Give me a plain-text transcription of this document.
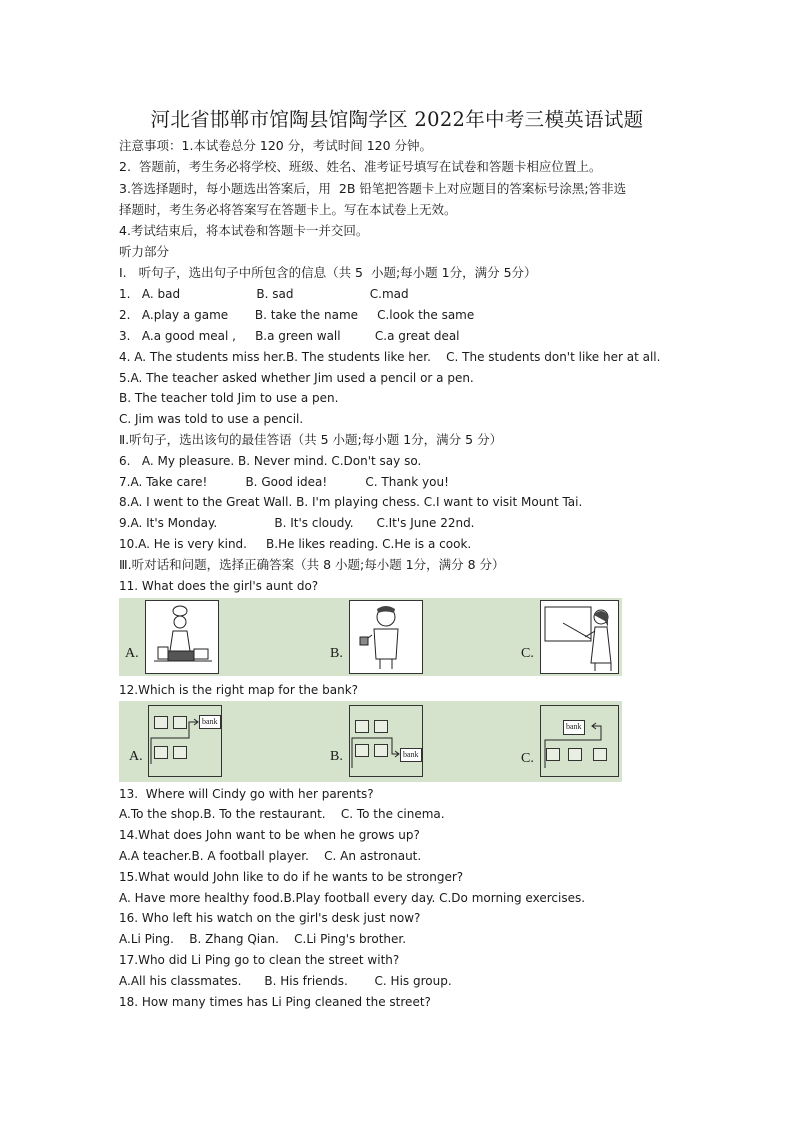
河北省邯郸市馆陶县馆陶学区 2022年中考三模英语试题
注意事项：1.本试卷总分 120 分，考试时间 120 分钟。
2.  答题前，考生务必将学校、班级、姓名、准考证号填写在试卷和答题卡相应位置上。
3.答选择题时，每小题选出答案后，用  2B 铅笔把答题卡上对应题目的答案标号涂黑;答非选
择题时，考生务必将答案写在答题卡上。写在本试卷上无效。
4.考试结束后，将本试卷和答题卡一并交回。
听力部分
I.   听句子，选出句子中所包含的信息（共 5  小题;每小题 1分，满分 5分）
1.   A. bad                    B. sad                    C.mad
2.   A.play a game       B. take the name     C.look the same
3.   A.a good meal ,     B.a green wall         C.a great deal
4. A. The students miss her.B. The students like her.    C. The students don't like her at all.
5.A. The teacher asked whether Jim used a pencil or a pen.
B. The teacher told Jim to use a pen.
C. Jim was told to use a pencil.
Ⅱ.听句子，选出该句的最佳答语（共 5 小题;每小题 1分，满分 5 分）
6.   A. My pleasure. B. Never mind. C.Don't say so.
7.A. Take care!          B. Good idea!          C. Thank you!
8.A. I went to the Great Wall. B. I'm playing chess. C.I want to visit Mount Tai.
9.A. It's Monday.               B. It's cloudy.      C.It's June 22nd.
10.A. He is very kind.     B.He likes reading. C.He is a cook.
Ⅲ.听对话和问题，选择正确答案（共 8 小题;每小题 1分，满分 8 分）
11. What does the girl's aunt do?
A.	B.	C.
12.Which is the right map for the bank?
A.
bank
B.	bank	C.
bank
13.  Where will Cindy go with her parents?
A.To the shop.B. To the restaurant.    C. To the cinema.
14.What does John want to be when he grows up?
A.A teacher.B. A football player.    C. An astronaut.
15.What would John like to do if he wants to be stronger?
A. Have more healthy food.B.Play football every day. C.Do morning exercises.
16. Who left his watch on the girl's desk just now?
A.Li Ping.    B. Zhang Qian.    C.Li Ping's brother.
17.Who did Li Ping go to clean the street with?
A.All his classmates.      B. His friends.       C. His group.
18. How many times has Li Ping cleaned the street?
